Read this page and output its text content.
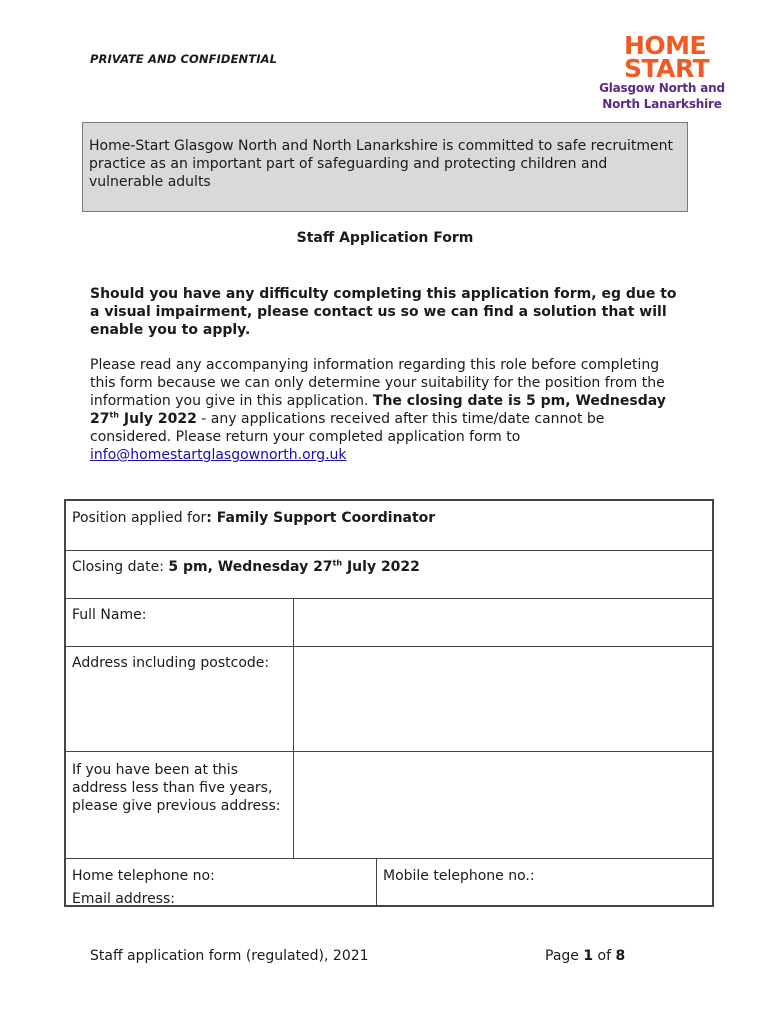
PRIVATE AND CONFIDENTIAL	HOME
START
Glasgow North and
North Lanarkshire
Home-Start Glasgow North and North Lanarkshire is committed to safe recruitment practice as an important part of safeguarding and protecting children and vulnerable adults
Staff Application Form
Should you have any difficulty completing this application form, eg due to a visual impairment, please contact us so we can find a solution that will enable you to apply.
Please read any accompanying information regarding this role before completing this form because we can only determine your suitability for the position from the information you give in this application. The closing date is 5 pm, Wednesday 27th July 2022 - any applications received after this time/date cannot be considered. Please return your completed application form to info@homestartglasgownorth.org.uk
Position applied for: Family Support Coordinator
Closing date: 5 pm, Wednesday 27th July 2022
Full Name:
Address including postcode:
If you have been at this address less than five years, please give previous address:
Home telephone no:
Email address:
Mobile telephone no.:
Staff application form (regulated), 2021	Page 1 of 8
